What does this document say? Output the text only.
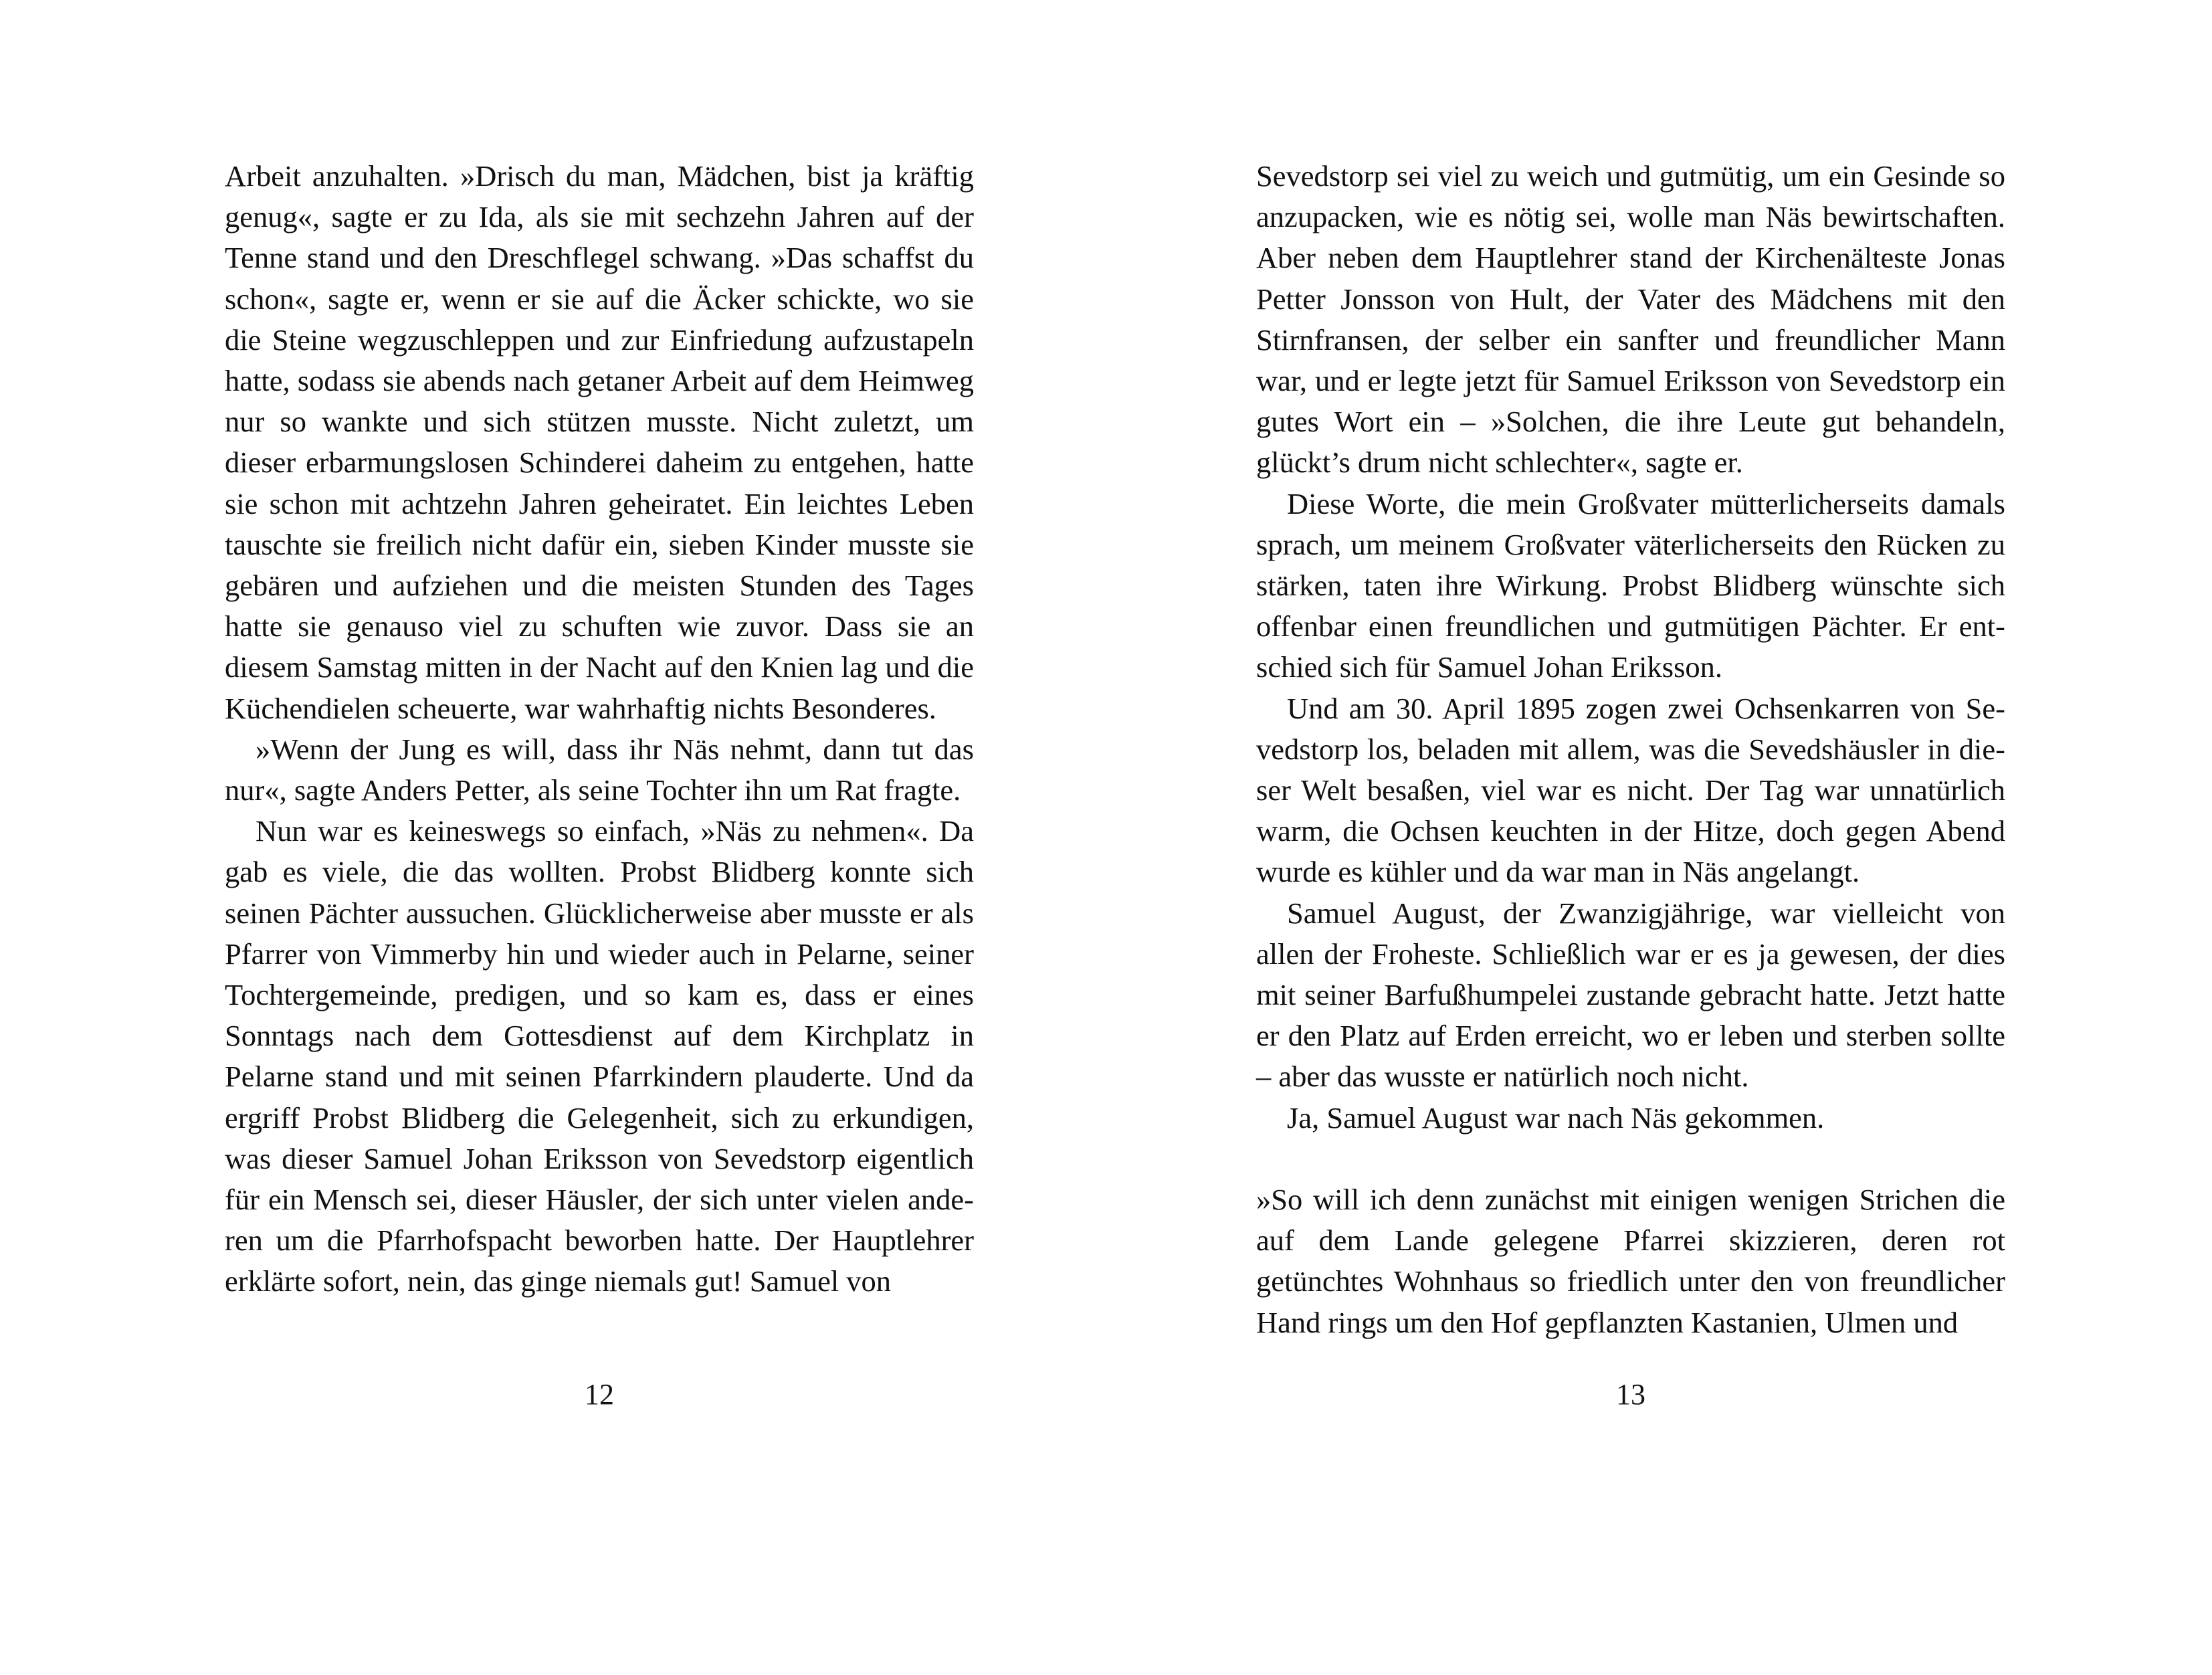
Arbeit anzuhalten. »Drisch du man, Mädchen, bist ja kräftig genug«, sagte er zu Ida, als sie mit sechzehn Jahren auf der Tenne stand und den Dreschflegel schwang. »Das schaffst du schon«, sagte er, wenn er sie auf die Äcker schickte, wo sie die Steine wegzuschleppen und zur Einfriedung aufzustapeln hatte, sodass sie abends nach getaner Arbeit auf dem Heimweg nur so wankte und sich stützen musste. Nicht zuletzt, um dieser erbarmungslosen Schinderei daheim zu entgehen, hatte sie schon mit achtzehn Jahren geheiratet. Ein leichtes Leben tauschte sie freilich nicht dafür ein, sieben Kinder musste sie gebären und aufziehen und die meisten Stunden des Tages hatte sie genauso viel zu schuften wie zuvor. Dass sie an diesem Samstag mitten in der Nacht auf den Knien lag und die Küchendielen scheuerte, war wahrhaftig nichts Besonderes.

»Wenn der Jung es will, dass ihr Näs nehmt, dann tut das nur«, sagte Anders Petter, als seine Tochter ihn um Rat fragte.

Nun war es keineswegs so einfach, »Näs zu nehmen«. Da gab es viele, die das wollten. Probst Blidberg konnte sich seinen Pächter aussuchen. Glücklicherweise aber musste er als Pfarrer von Vimmerby hin und wieder auch in Pelarne, seiner Tochtergemeinde, predigen, und so kam es, dass er eines Sonntags nach dem Gottesdienst auf dem Kirchplatz in Pelarne stand und mit seinen Pfarrkindern plauderte. Und da ergriff Probst Blidberg die Gelegenheit, sich zu erkundigen, was dieser Samuel Johan Eriksson von Sevedstorp eigentlich für ein Mensch sei, dieser Häusler, der sich unter vielen anderen um die Pfarrhofspacht beworben hatte. Der Hauptlehrer erklärte sofort, nein, das ginge niemals gut! Samuel von

12

Sevedstorp sei viel zu weich und gutmütig, um ein Gesinde so anzupacken, wie es nötig sei, wolle man Näs bewirtschaften. Aber neben dem Hauptlehrer stand der Kirchenälteste Jonas Petter Jonsson von Hult, der Vater des Mädchens mit den Stirnfransen, der selber ein sanfter und freundlicher Mann war, und er legte jetzt für Samuel Eriksson von Sevedstorp ein gutes Wort ein – »Solchen, die ihre Leute gut behandeln, glückt’s drum nicht schlechter«, sagte er.

Diese Worte, die mein Großvater mütterlicherseits damals sprach, um meinem Großvater väterlicherseits den Rücken zu stärken, taten ihre Wirkung. Probst Blidberg wünschte sich offenbar einen freundlichen und gutmütigen Pächter. Er entschied sich für Samuel Johan Eriksson.

Und am 30. April 1895 zogen zwei Ochsenkarren von Sevedstorp los, beladen mit allem, was die Sevedshäusler in dieser Welt besaßen, viel war es nicht. Der Tag war unnatürlich warm, die Ochsen keuchten in der Hitze, doch gegen Abend wurde es kühler und da war man in Näs angelangt.

Samuel August, der Zwanzigjährige, war vielleicht von allen der Froheste. Schließlich war er es ja gewesen, der dies mit seiner Barfußhumpelei zustande gebracht hatte. Jetzt hatte er den Platz auf Erden erreicht, wo er leben und sterben sollte – aber das wusste er natürlich noch nicht.

Ja, Samuel August war nach Näs gekommen.

»So will ich denn zunächst mit einigen wenigen Strichen die auf dem Lande gelegene Pfarrei skizzieren, deren rot getünchtes Wohnhaus so friedlich unter den von freundlicher Hand rings um den Hof gepflanzten Kastanien, Ulmen und

13
